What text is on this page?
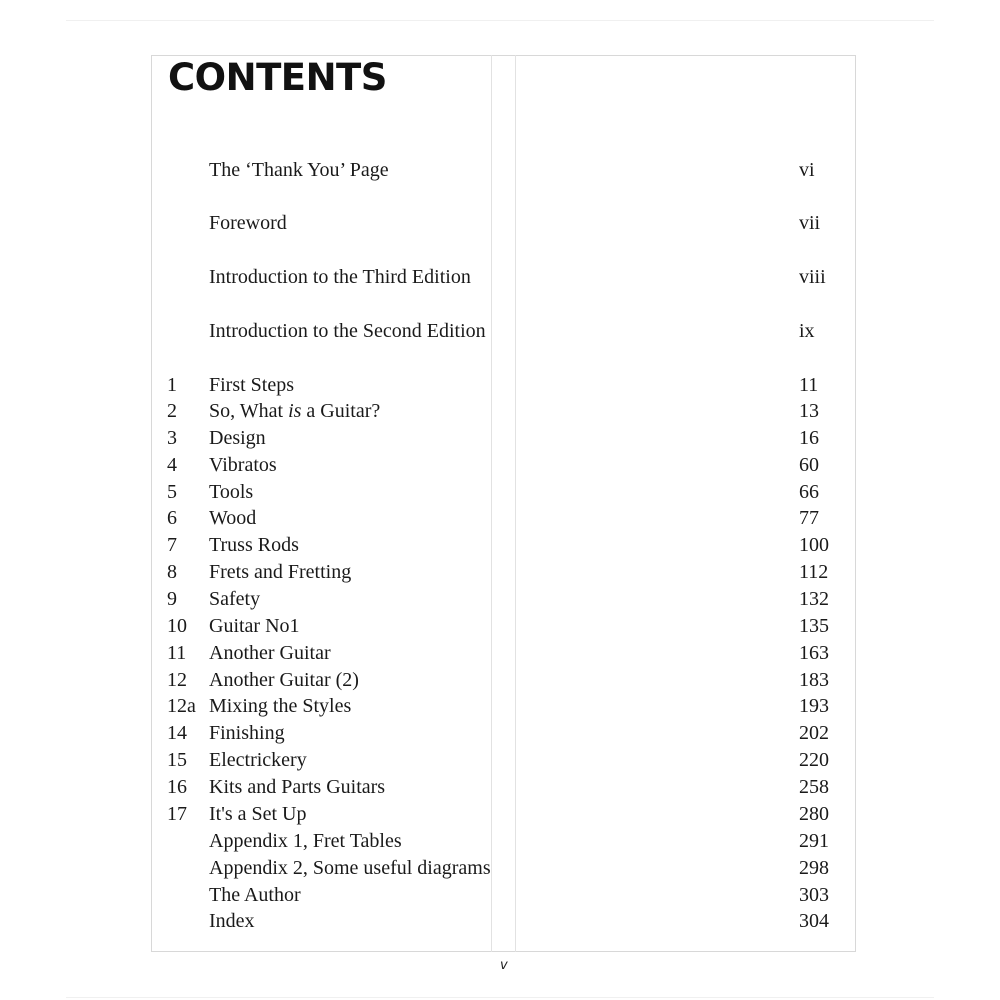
CONTENTS
The ‘Thank You’ Page	vi
Foreword	vii
Introduction to the Third Edition	viii
Introduction to the Second Edition	ix
1 First Steps	11
2 So, What is a Guitar?	13
3 Design	16
4 Vibratos	60
5 Tools	66
6 Wood	77
7 Truss Rods	100
8 Frets and Fretting	112
9 Safety	132
10 Guitar No1	135
11 Another Guitar	163
12 Another Guitar (2)	183
12a Mixing the Styles	193
14 Finishing	202
15 Electrickery	220
16 Kits and Parts Guitars	258
17 It's a Set Up	280
Appendix 1, Fret Tables	291
Appendix 2, Some useful diagrams	298
The Author	303
Index	304
v
